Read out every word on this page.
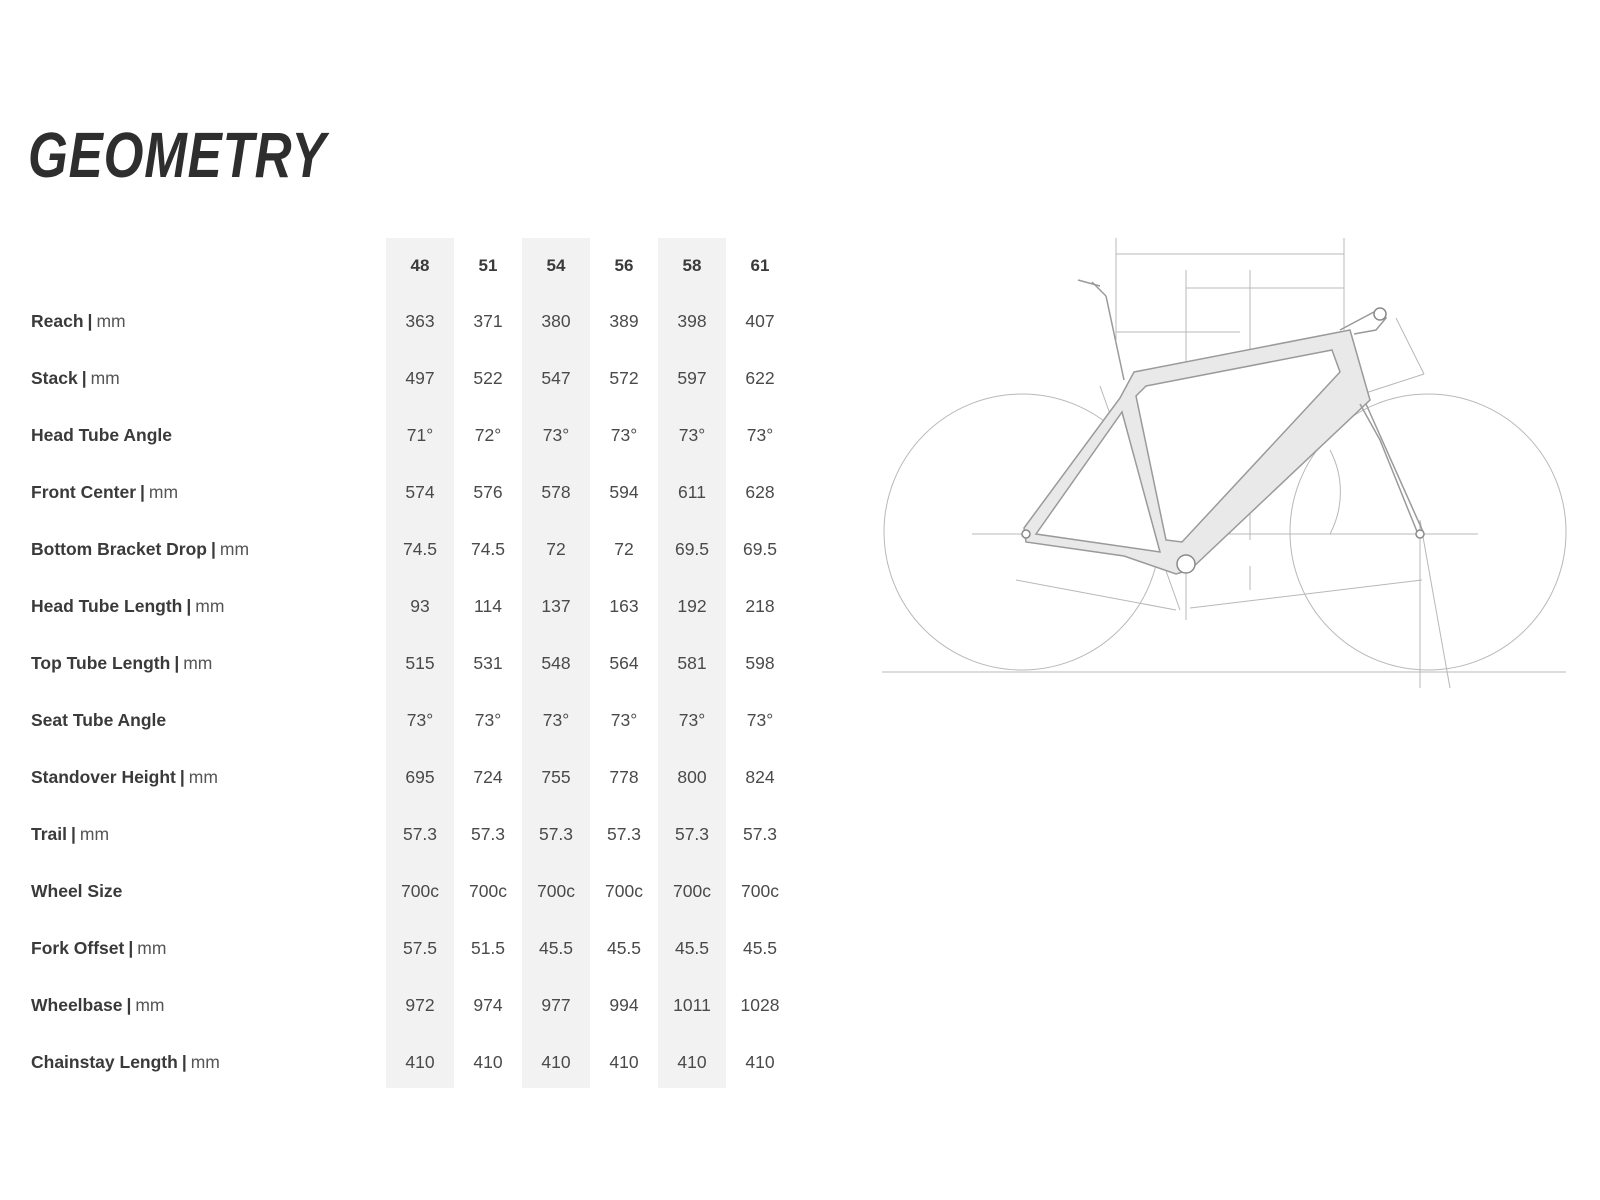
GEOMETRY
48	51	54	56	58	61
Reach | mm	363	371	380	389	398	407
Stack | mm	497	522	547	572	597	622
Head Tube Angle	71°	72°	73°	73°	73°	73°
Front Center | mm	574	576	578	594	611	628
Bottom Bracket Drop | mm	74.5	74.5	72	72	69.5	69.5
Head Tube Length | mm	93	114	137	163	192	218
Top Tube Length | mm	515	531	548	564	581	598
Seat Tube Angle	73°	73°	73°	73°	73°	73°
Standover Height | mm	695	724	755	778	800	824
Trail | mm	57.3	57.3	57.3	57.3	57.3	57.3
Wheel Size	700c	700c	700c	700c	700c	700c
Fork Offset | mm	57.5	51.5	45.5	45.5	45.5	45.5
Wheelbase | mm	972	974	977	994	1011	1028
Chainstay Length | mm	410	410	410	410	410	410
